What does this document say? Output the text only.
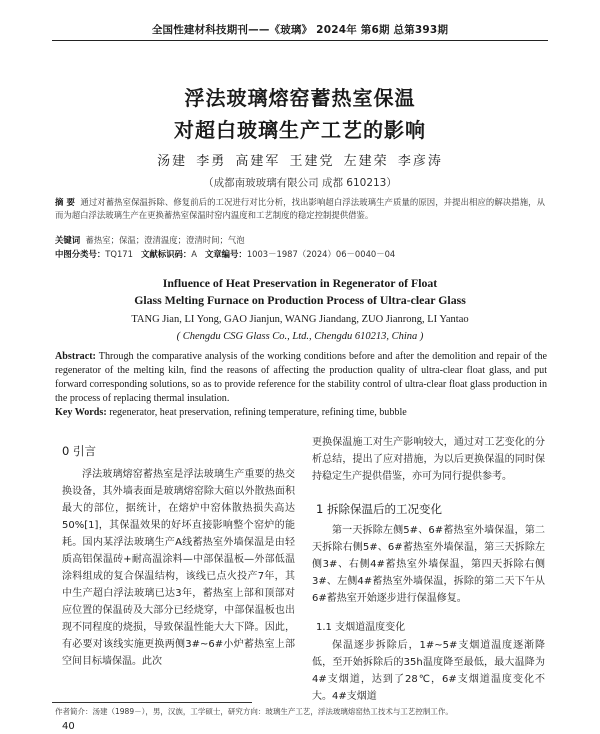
全国性建材科技期刊——《玻璃》 2024年 第6期 总第393期
浮法玻璃熔窑蓄热室保温
对超白玻璃生产工艺的影响
汤建 李勇 高建军 王建党 左建荣 李彦涛
（成都南玻玻璃有限公司 成都 610213）
摘 要 通过对蓄热室保温拆除、修复前后的工况进行对比分析，找出影响超白浮法玻璃生产质量的原因，并提出相应的解决措施，从而为超白浮法玻璃生产在更换蓄热室保温时窑内温度和工艺制度的稳定控制提供借鉴。
关键词 蓄热室；保温；澄清温度；澄清时间；气泡
中图分类号：TQ171 文献标识码：A 文章编号：1003－1987（2024）06－0040－04
Influence of Heat Preservation in Regenerator of Float
Glass Melting Furnace on Production Process of Ultra-clear Glass
TANG Jian, LI Yong, GAO Jianjun, WANG Jiandang, ZUO Jianrong, LI Yantao
( Chengdu CSG Glass Co., Ltd., Chengdu 610213, China )
Abstract: Through the comparative analysis of the working conditions before and after the demolition and repair of the regenerator of the melting kiln, find the reasons of affecting the production quality of ultra-clear float glass, and put forward corresponding solutions, so as to provide reference for the stability control of ultra-clear float glass production in the process of replacing thermal insulation.
Key Words: regenerator, heat preservation, refining temperature, refining time, bubble
0 引言

浮法玻璃熔窑蓄热室是浮法玻璃生产重要的热交换设备，其外墙表面是玻璃熔窑除大碹以外散热面积最大的部位，据统计，在熔炉中窑体散热损失高达50%[1]，其保温效果的好坏直接影响整个窑炉的能耗。国内某浮法玻璃生产A线蓄热室外墙保温是由轻质高铝保温砖+耐高温涂料—中部保温板—外部低温涂料组成的复合保温结构，该线已点火投产7年，其中生产超白浮法玻璃已达3年，蓄热室上部和顶部对应位置的保温砖及大部分已经烧穿，中部保温板也出现不同程度的烧损，导致保温性能大大下降。因此，有必要对该线实施更换两侧3#~6#小炉蓄热室上部空间目标墙保温。此次

更换保温施工对生产影响较大，通过对工艺变化的分析总结，提出了应对措施，为以后更换保温的同时保持稳定生产提供借鉴，亦可为同行提供参考。

1 拆除保温后的工况变化

第一天拆除左侧5#、6#蓄热室外墙保温，第二天拆除右侧5#、6#蓄热室外墙保温，第三天拆除左侧3#、右侧4#蓄热室外墙保温，第四天拆除右侧3#、左侧4#蓄热室外墙保温，拆除的第二天下午从6#蓄热室开始逐步进行保温修复。

1.1 支烟道温度变化

保温逐步拆除后，1#~5#支烟道温度逐渐降低，至开始拆除后的35h温度降至最低，最大温降为4#支烟道，达到了28℃，6#支烟道温度变化不大。4#支烟道

作者简介：汤建（1989－），男，汉族，工学硕士，研究方向：玻璃生产工艺，浮法玻璃熔窑热工技术与工艺控制工作。
40
